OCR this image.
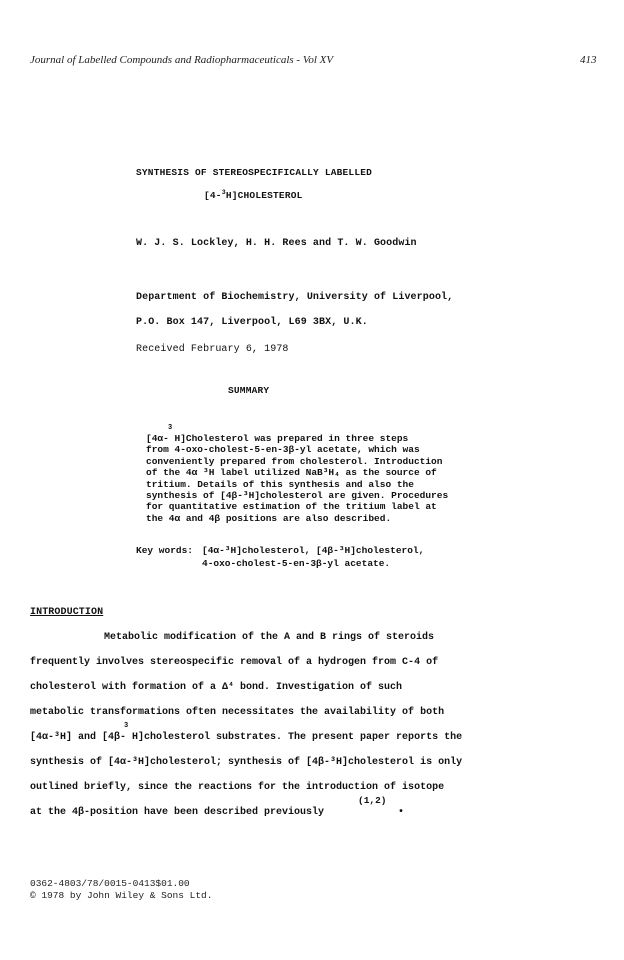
Journal of Labelled Compounds and Radiopharmaceuticals - Vol XV	413
SYNTHESIS OF STEREOSPECIFICALLY LABELLED
[4-$^3$H]CHOLESTEROL
W. J. S. Lockley, H. H. Rees and T. W. Goodwin
Department of Biochemistry, University of Liverpool,
P.O. Box 147, Liverpool, L69 3BX, U.K.
Received February 6, 1978
SUMMARY
3
[4α- H]Cholesterol was prepared in three steps
from 4-oxo-cholest-5-en-3β-yl acetate, which was
conveniently prepared from cholesterol. Introduction
of the 4α ³H label utilized NaB³H₄ as the source of
tritium. Details of this synthesis and also the
synthesis of [4β-³H]cholesterol are given. Procedures
for quantitative estimation of the tritium label at
the 4α and 4β positions are also described.
Key words: [4α-³H]cholesterol, [4β-³H]cholesterol,
4-oxo-cholest-5-en-3β-yl acetate.
INTRODUCTION
Metabolic modification of the A and B rings of steroids
frequently involves stereospecific removal of a hydrogen from C-4 of
cholesterol with formation of a Δ⁴ bond. Investigation of such
metabolic transformations often necessitates the availability of both
3
[4α-³H] and [4β- H]cholesterol substrates. The present paper reports the
synthesis of [4α-³H]cholesterol; synthesis of [4β-³H]cholesterol is only
outlined briefly, since the reactions for the introduction of isotope
(1,2)
at the 4β-position have been described previously	•
0362-4803/78/0015-0413$01.00
© 1978 by John Wiley & Sons Ltd.
